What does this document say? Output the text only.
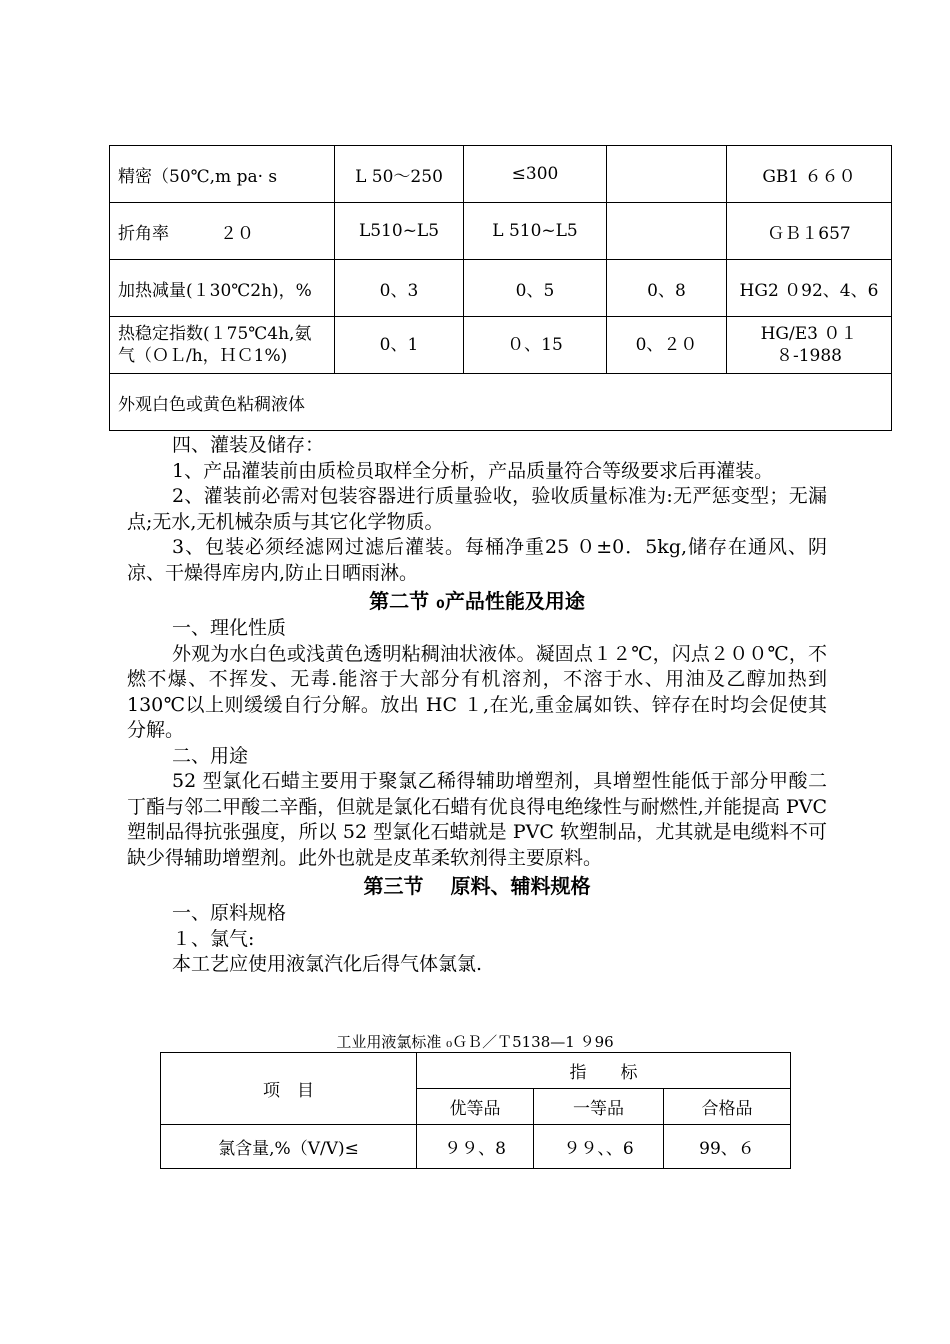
精密（50℃,m pa· s	L 50～250	≤300		GB1 ６６０
折角率　　　２０	L510~L5	L 510~L5		ＧＢ１657
加热减量(１30℃2h)，%	0、3	0、5	0、8	HG2 ０92、4、6
热稳定指数(１75℃4h,氨气（ＯＬ/h，ＨＣ1%)	0、1	０、15	0、２０	HG/E3 ０１８-1988
外观白色或黄色粘稠液体				

四、灌装及储存：

1、产品灌装前由质检员取样全分析，产品质量符合等级要求后再灌装。

2、灌装前必需对包装容器进行质量验收，验收质量标准为:无严惩变型；无漏点;无水,无机械杂质与其它化学物质。

3、包装必须经滤网过滤后灌装。每桶净重25 ０±0．5kg,储存在通风、阴凉、干燥得库房内,防止日晒雨淋。

第二节 ₀产品性能及用途

一、理化性质

外观为水白色或浅黄色透明粘稠油状液体。凝固点１２℃，闪点２００℃，不燃不爆、不挥发、无毒.能溶于大部分有机溶剂，不溶于水、用油及乙醇加热到130℃以上则缓缓自行分解。放出 HC １,在光,重金属如铁、锌存在时均会促使其分解。

二、用途

52 型氯化石蜡主要用于聚氯乙稀得辅助增塑剂，具增塑性能低于部分甲酸二丁酯与邻二甲酸二辛酯，但就是氯化石蜡有优良得电绝缘性与耐燃性,并能提高 PVC 塑制品得抗张强度，所以 52 型氯化石蜡就是 PVC 软塑制品，尤其就是电缆料不可缺少得辅助增塑剂。此外也就是皮革柔软剂得主要原料。

第三节　 原料、辅料规格

一、原料规格

１、氯气:

本工艺应使用液氯汽化后得气体氯氯.

工业用液氯标准 ₀ＧＢ／Ｔ5138—1 ９96
项　目	指　　标		
	优等品	一等品	合格品
氯含量,%（V/V)≤	９９、8	９９、、6	99、６
